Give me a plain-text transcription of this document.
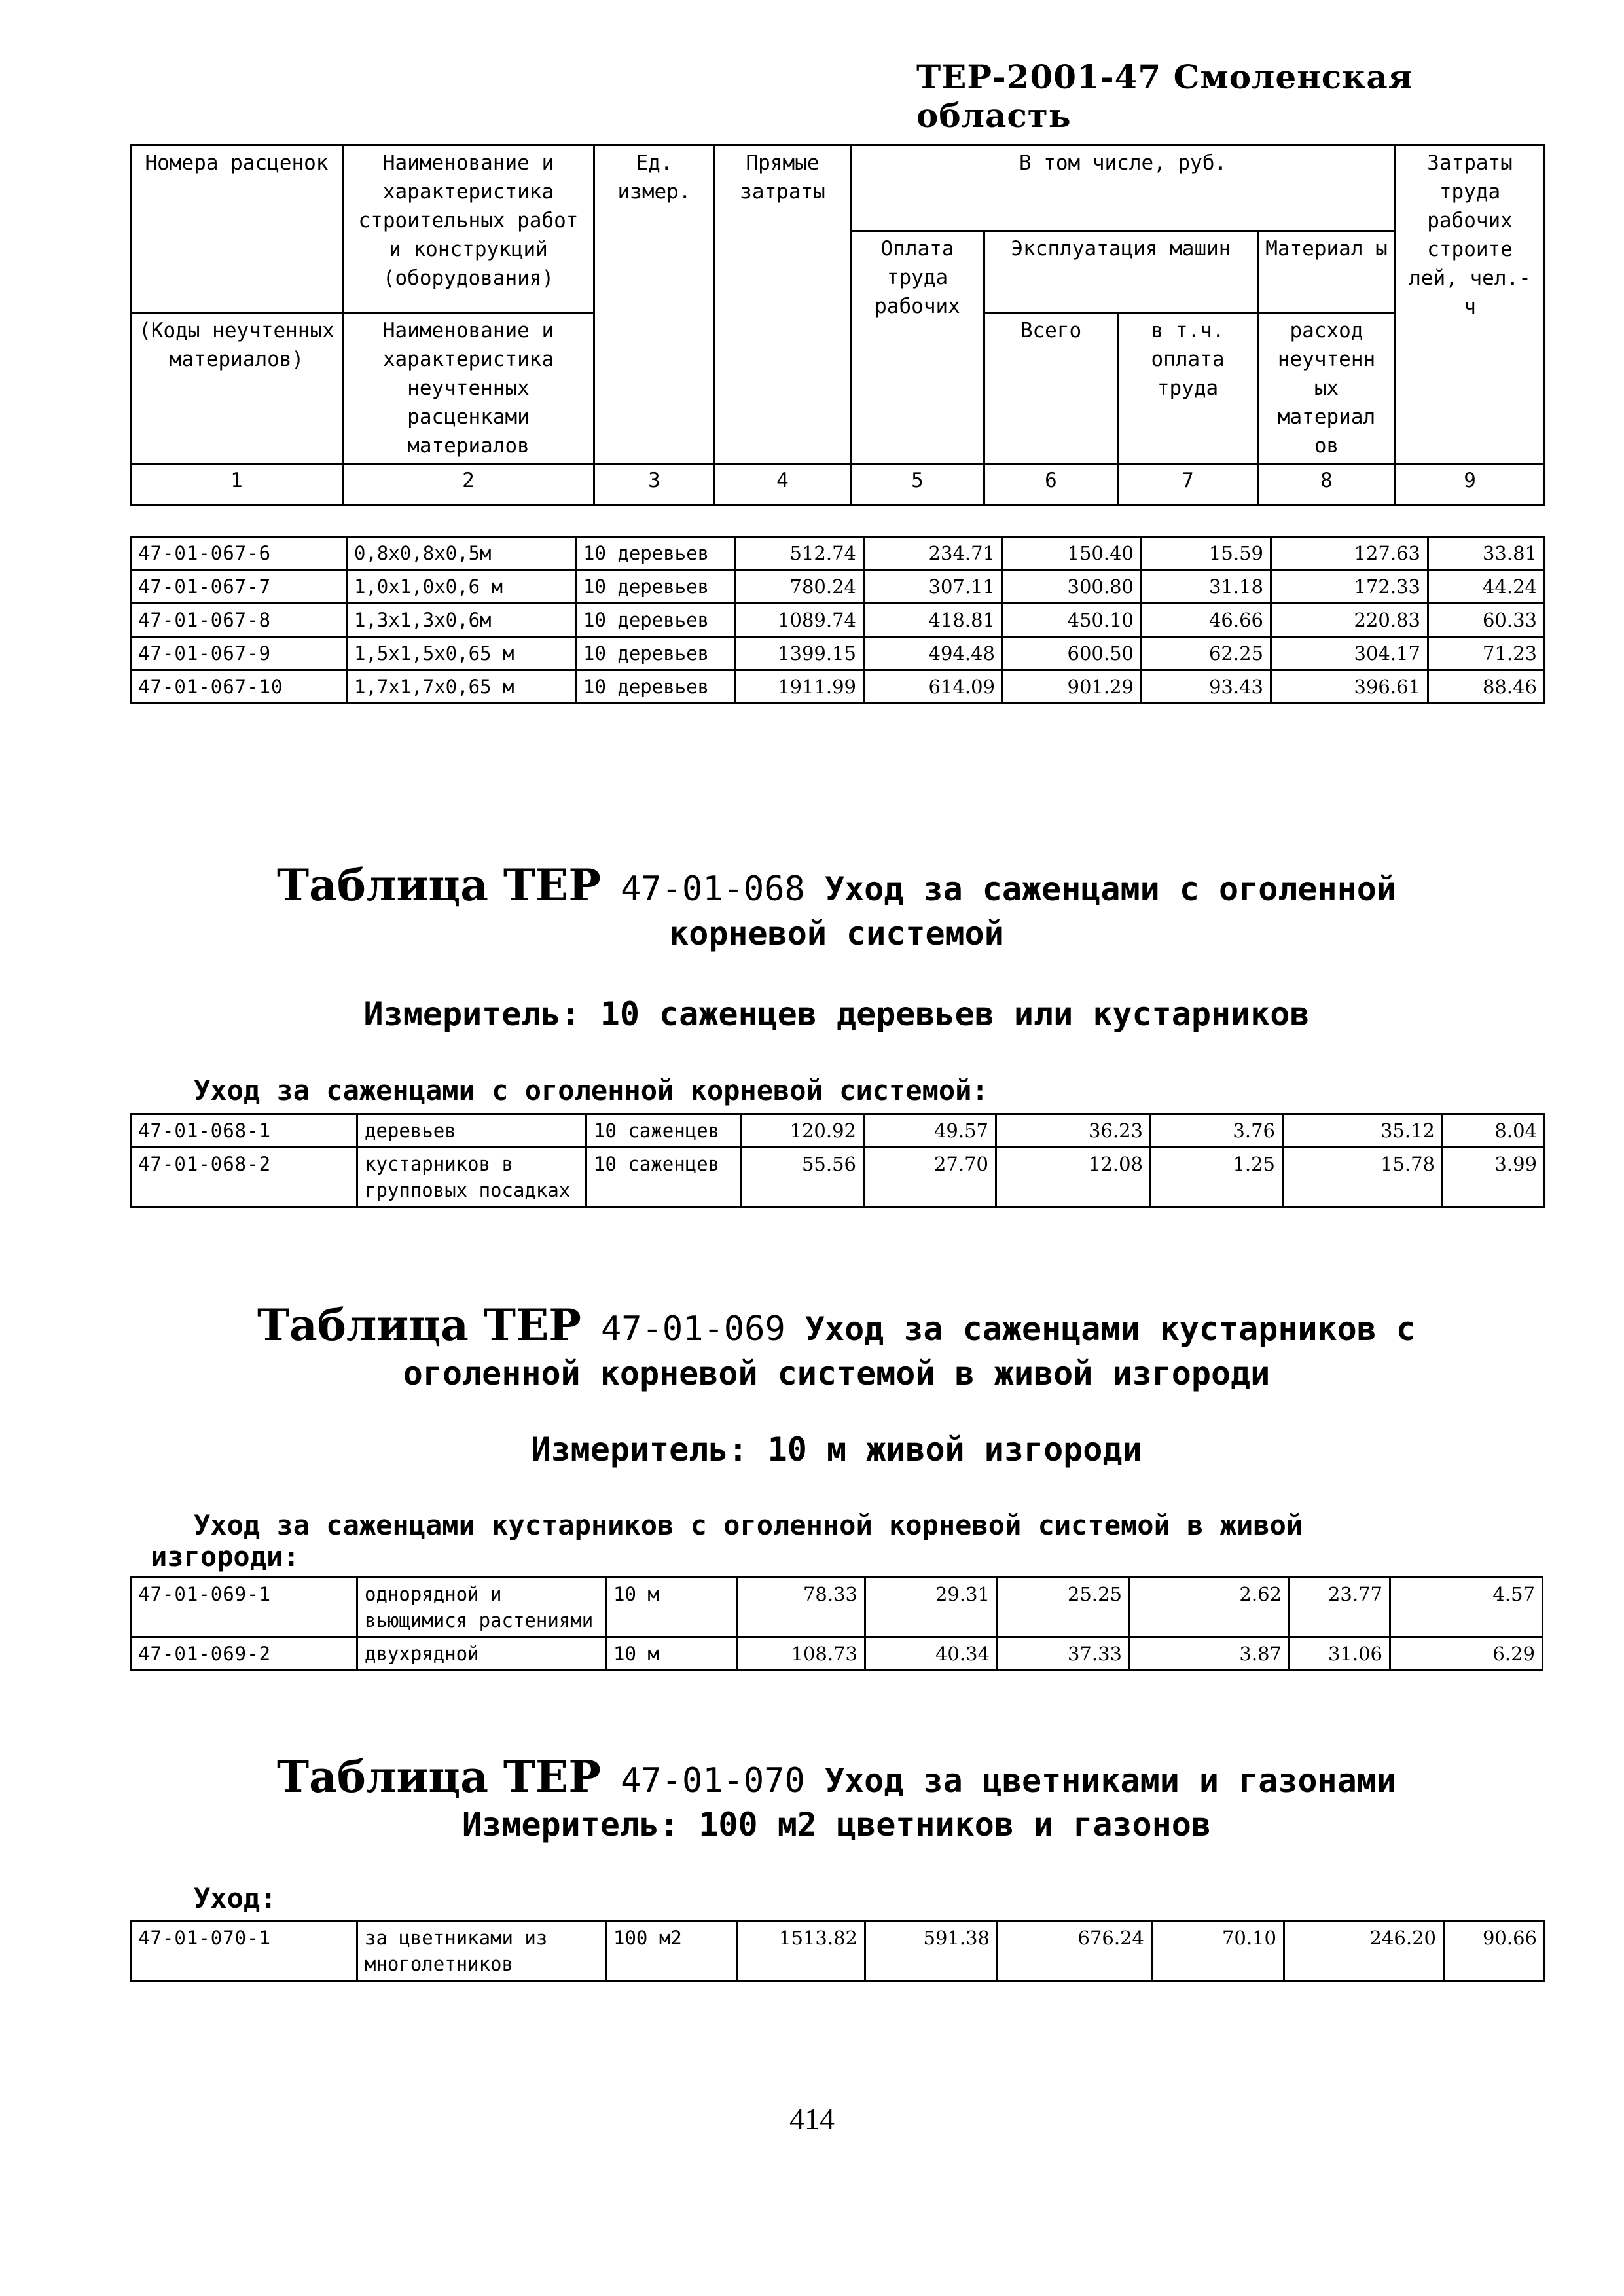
ТЕР-2001-47 Смоленская область
Номера расценок	Наименование и характеристика строительных работ и конструкций (оборудования)	Ед. измер.	Прямые затраты	В том числе, руб.				Затраты труда рабочих строите лей, чел.-ч
				Оплата труда рабочих	Эксплуатация машин		Материал ы	
(Коды неучтенных материалов)	Наименование и характеристика неучтенных расценками материалов				Всего	в т.ч. оплата труда	расход неучтенн ых материал ов	
1	2	3	4	5	6	7	8	9
47-01-067-6	0,8х0,8х0,5м	10 деревьев	512.74	234.71	150.40	15.59	127.63	33.81
47-01-067-7	1,0х1,0х0,6 м	10 деревьев	780.24	307.11	300.80	31.18	172.33	44.24
47-01-067-8	1,3х1,3х0,6м	10 деревьев	1089.74	418.81	450.10	46.66	220.83	60.33
47-01-067-9	1,5х1,5х0,65 м	10 деревьев	1399.15	494.48	600.50	62.25	304.17	71.23
47-01-067-10	1,7х1,7х0,65 м	10 деревьев	1911.99	614.09	901.29	93.43	396.61	88.46
Таблица ТЕР 47-01-068 Уход за саженцами с оголенной
корневой системой
Измеритель: 10 саженцев деревьев или кустарников
Уход за саженцами с оголенной корневой системой:
47-01-068-1	деревьев	10 саженцев	120.92	49.57	36.23	3.76	35.12	8.04
47-01-068-2	кустарников в групповых посадках	10 саженцев	55.56	27.70	12.08	1.25	15.78	3.99
Таблица ТЕР 47-01-069 Уход за саженцами кустарников с
оголенной корневой системой в живой изгороди
Измеритель: 10 м живой изгороди
Уход за саженцами кустарников с оголенной корневой системой в живой
изгороди:
47-01-069-1	однорядной и вьющимися растениями	10 м	78.33	29.31	25.25	2.62	23.77	4.57
47-01-069-2	двухрядной	10 м	108.73	40.34	37.33	3.87	31.06	6.29
Таблица ТЕР 47-01-070 Уход за цветниками и газонами
Измеритель: 100 м2 цветников и газонов
Уход:
47-01-070-1	за цветниками из многолетников	100 м2	1513.82	591.38	676.24	70.10	246.20	90.66
414
